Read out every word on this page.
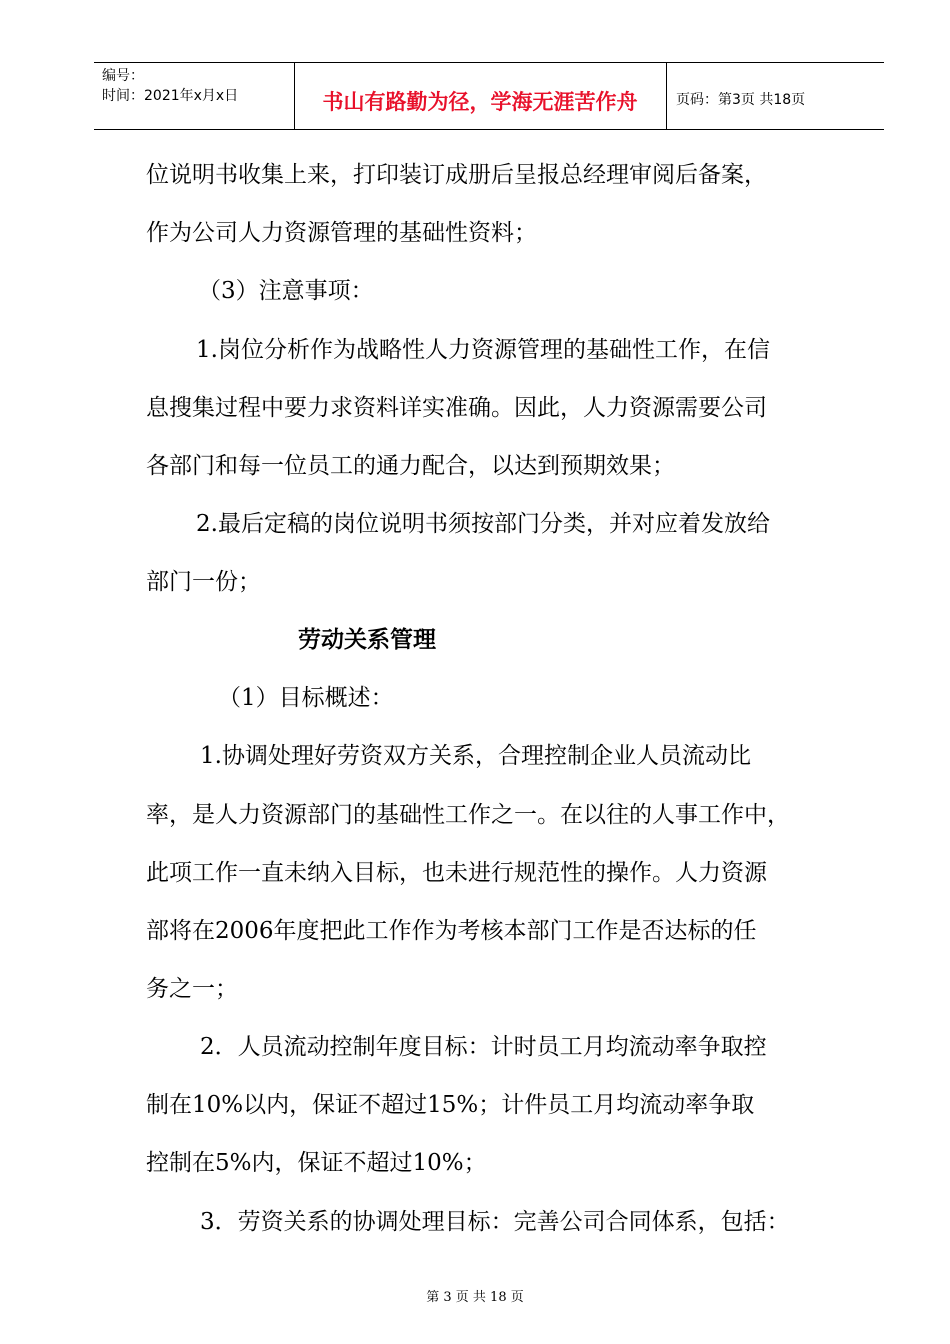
编号：
时间：2021年x月x日	书山有路勤为径，学海无涯苦作舟	页码：第3页 共18页
位说明书收集上来，打印装订成册后呈报总经理审阅后备案，
作为公司人力资源管理的基础性资料；
（3）注意事项：
1.岗位分析作为战略性人力资源管理的基础性工作，在信
息搜集过程中要力求资料详实准确。因此，人力资源需要公司
各部门和每一位员工的通力配合，以达到预期效果；
2.最后定稿的岗位说明书须按部门分类，并对应着发放给
部门一份；
劳动关系管理
（1）目标概述：
1.协调处理好劳资双方关系，合理控制企业人员流动比
率，是人力资源部门的基础性工作之一。在以往的人事工作中，
此项工作一直未纳入目标，也未进行规范性的操作。人力资源
部将在2006年度把此工作作为考核本部门工作是否达标的任
务之一；
2．人员流动控制年度目标：计时员工月均流动率争取控
制在10%以内，保证不超过15%；计件员工月均流动率争取
控制在5%内，保证不超过10%；
3．劳资关系的协调处理目标：完善公司合同体系，包括：
第 3 页 共 18 页
